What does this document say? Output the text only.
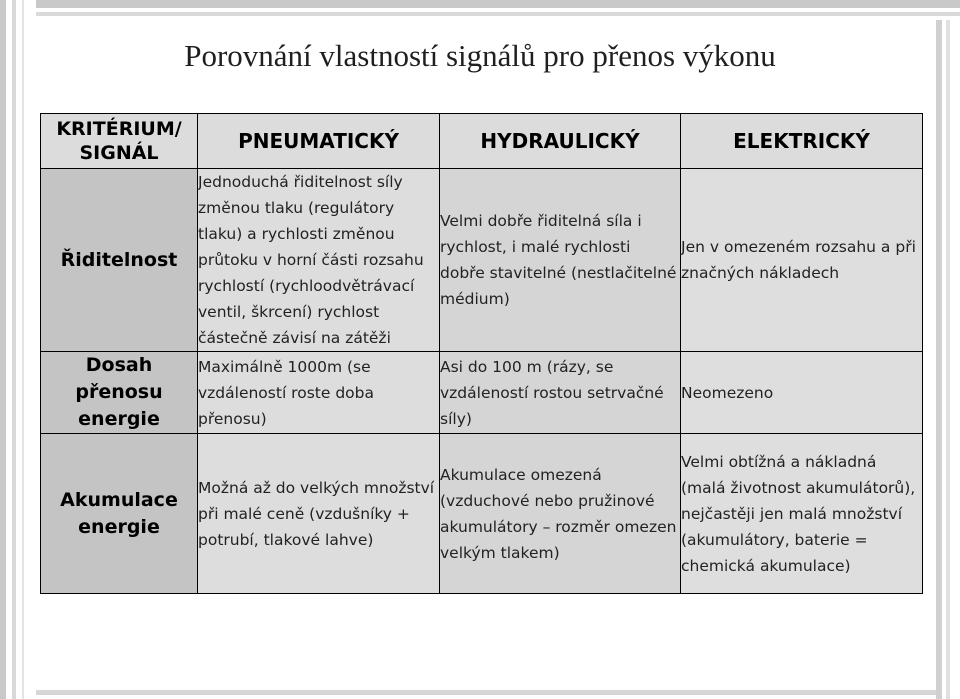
Porovnání vlastností signálů pro přenos výkonu
KRITÉRIUM/ SIGNÁL	PNEUMATICKÝ	HYDRAULICKÝ	ELEKTRICKÝ
Řiditelnost	Jednoduchá řiditelnost síly změnou tlaku (regulátory tlaku) a rychlosti změnou průtoku v horní části rozsahu rychlostí (rychloodvětrávací ventil, škrcení) rychlost částečně závisí na zátěži	Velmi dobře řiditelná síla i rychlost, i malé rychlosti dobře stavitelné (nestlačitelné médium)	Jen v omezeném rozsahu a při značných nákladech
Dosah přenosu energie	Maximálně 1000m (se vzdáleností roste doba přenosu)	Asi do 100 m (rázy, se vzdáleností rostou setrvačné síly)	Neomezeno
Akumulace energie	Možná až do velkých množství při malé ceně (vzdušníky + potrubí, tlakové lahve)	Akumulace omezená (vzduchové nebo pružinové akumulátory – rozměr omezen velkým tlakem)	Velmi obtížná a nákladná (malá životnost akumulátorů), nejčastěji jen malá množství (akumulátory, baterie = chemická akumulace)
